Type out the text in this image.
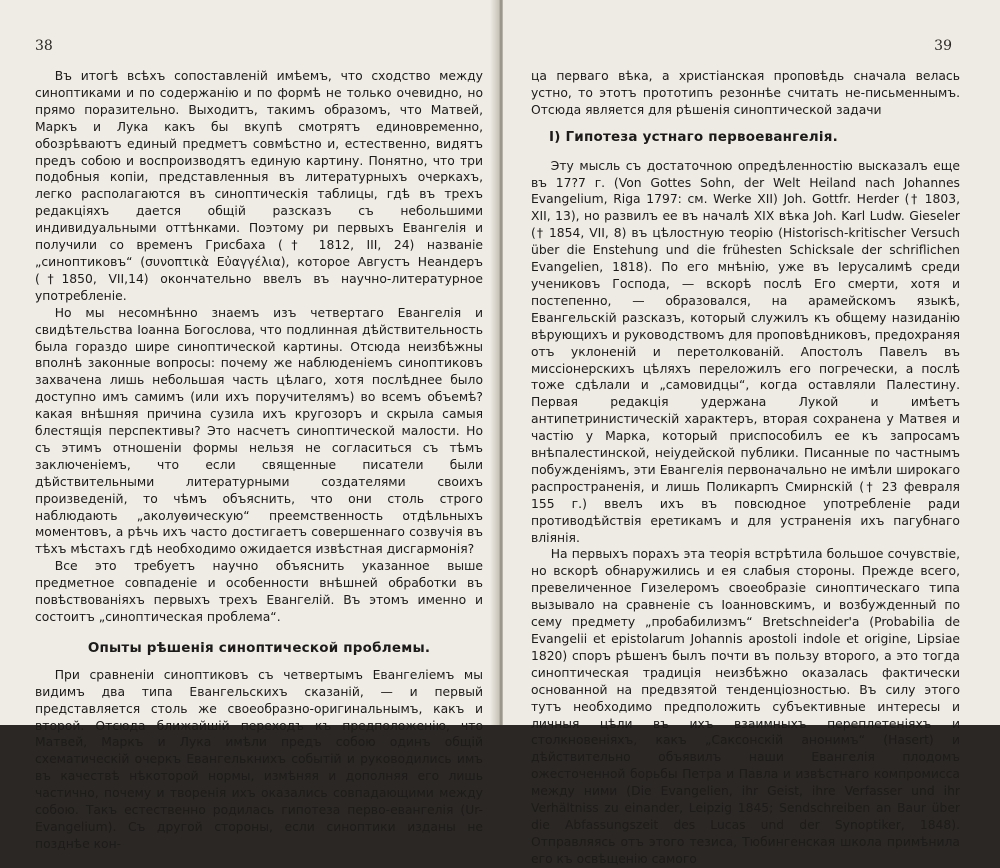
38

Въ итогѣ всѣхъ сопоставленій имѣемъ, что сходство между синоптиками и по содержанію и по формѣ не только очевидно, но прямо поразительно. Выходитъ, такимъ образомъ, что Матвей, Маркъ и Лука какъ бы вкупѣ смотрятъ единовременно, обозрѣваютъ единый предметъ совмѣстно и, естественно, видятъ предъ собою и воспроизводятъ единую картину. Понятно, что три подобныя копіи, представленныя въ литературныхъ очеркахъ, легко располагаются въ синоптическія таблицы, гдѣ въ трехъ редакціяхъ дается общій разсказъ съ небольшими индивидуальными оттѣнками. Поэтому ри первыхъ Евангелія и получили со временъ Грисбаха († 1812, III, 24) названіе „синоптиковъ“ (συνοπτικὰ Εὐαγγέλια), которое Августъ Неандеръ (†1850, VII,14) окончательно ввелъ въ научно-литературное употребленіе.

Но мы несомнѣнно знаемъ изъ четвертаго Евангелія и свидѣтельства Іоанна Богослова, что подлинная дѣйствительность была гораздо шире синоптической картины. Отсюда неизбѣжны вполнѣ законные вопросы: почему же наблюденіемъ синоптиковъ захвачена лишь небольшая часть цѣлаго, хотя послѣднее было доступно имъ самимъ (или ихъ поручителямъ) во всемъ объемѣ? какая внѣшняя причина сузила ихъ кругозоръ и скрыла самыя блестящія перспективы? Это насчетъ синоптической малости. Но съ этимъ отношеніи формы нельзя не согласиться съ тѣмъ заключеніемъ, что если священные писатели были дѣйствительными литературными создателями своихъ произведеній, то чѣмъ объяснить, что они столь строго наблюдають „аколуѳическую“ преемственность отдѣльныхъ моментовъ, а рѣчь ихъ часто достигаетъ совершеннаго созвучія въ тѣхъ мѣстахъ гдѣ необходимо ожидается извѣстная дисгармонія?

Все это требуетъ научно объяснить указанное выше предметное совпаденіе и особенности внѣшней обработки въ повѣствованіяхъ первыхъ трехъ Евангелій. Въ этомъ именно и состоитъ „синоптическая проблема“.

Опыты рѣшенія синоптической проблемы.

При сравненіи синоптиковъ съ четвертымъ Евангеліемъ мы видимъ два типа Евангельскихъ сказаній, — и первый представляется столь же своеобразно-оригинальнымъ, какъ и второй. Отсюда ближайшій переходъ къ предположенію, что Матвей, Маркъ и Лука имѣли предъ собою одинъ общій схематическій очеркъ Евангелькнихъ событій и руководились имъ въ качествѣ нѣкоторой нормы, измѣняя и дополняя его лишь частично, почему и творенія ихъ оказались совпадающими между собою. Такъ естественно родилась гипотеза перво-евангелія (Ur-Evangelium). Съ другой стороны, если синоптики изданы не позднѣе кон-

39

ца перваго вѣка, а христіанская проповѣдь сначала велась устно, то этотъ прототипъ резоннѣе считать не-письменнымъ. Отсюда является для рѣшенія синоптической задачи

I) Гипотеза устнаго первоевангелія.

Эту мысль съ достаточною опредѣленностію высказалъ еще въ 17?7 г. (Von Gottes Sohn, der Welt Heiland nach Johannes Evangelium, Riga 1797: см. Werke XII) Joh. Gottfr. Herder († 1803, XII, 13), но развилъ ее въ началѣ XIX вѣка Joh. Karl Ludw. Gieseler († 1854, VII, 8) въ цѣлостную теорію (Historisch-kritischer Versuch über die Enstehung und die frühesten Schicksale der schriflichen Evangelien, 1818). По его мнѣнію, уже въ Іерусалимѣ среди учениковъ Господа, — вскорѣ послѣ Его смерти, хотя и постепенно, — образовался, на арамейскомъ языкѣ, Евангельскій разсказъ, который служилъ къ общему назиданію вѣрующихъ и руководствомъ для проповѣдниковъ, предохраняя отъ уклоненій и перетолкованій. Апостолъ Павелъ въ миссіонерскихъ цѣляхъ переложилъ его погречески, а послѣ тоже сдѣлали и „самовидцы“, когда оставляли Палестину. Первая редакція удержана Лукой и имѣетъ антипетринистическій характеръ, вторая сохранена у Матвея и частію у Марка, который приспособилъ ее къ запросамъ внѣпалестинской, неіудейской публики. Писанные по частнымъ побужденіямъ, эти Евангелія первоначально не имѣли широкаго распространенія, и лишь Поликарпъ Смирнскій († 23 февраля 155 г.) ввелъ ихъ въ повсюдное употребленіе ради противодѣйствія еретикамъ и для устраненія ихъ пагубнаго вліянія.

На первыхъ порахъ эта теорія встрѣтила большое сочувствіе, но вскорѣ обнаружились и ея слабыя стороны. Прежде всего, превеличенное Гизелеромъ своеобразіе синоптическаго типа вызывало на сравненіе съ Іоанновскимъ, и возбужденный по сему предмету „пробабилизмъ“ Bretschneider'a (Probabilia de Evangelii et epistolarum Johannis apostoli indole et origine, Lipsiae 1820) споръ рѣшенъ былъ почти въ пользу второго, а это тогда синоптическая традиція неизбѣжно оказалась фактически основанной на предвзятой тенденціозностью. Въ силу этого тутъ необходимо предположить субъективные интересы и личныя цѣли въ ихъ взаимныхъ переплетеніяхъ и столкновеніяхъ, какъ „Саксонскій анонимъ“ (Hasert) и дѣйствительно объявилъ наши Евангелія плодомъ ожесточенной борьбы Петра и Павла и извѣстнаго компромисса между ними (Die Evangelien, ihr Geist, ihre Verfasser und ihr Verhältniss zu einander, Leipzig 1845; Sendschreiben an Baur über die Abfassungszeit des Lucas und der Synoptiker, 1848). Отправляясь отъ этого тезиса, Тюбингенская школа примѣнила его къ освѣщенію самого
